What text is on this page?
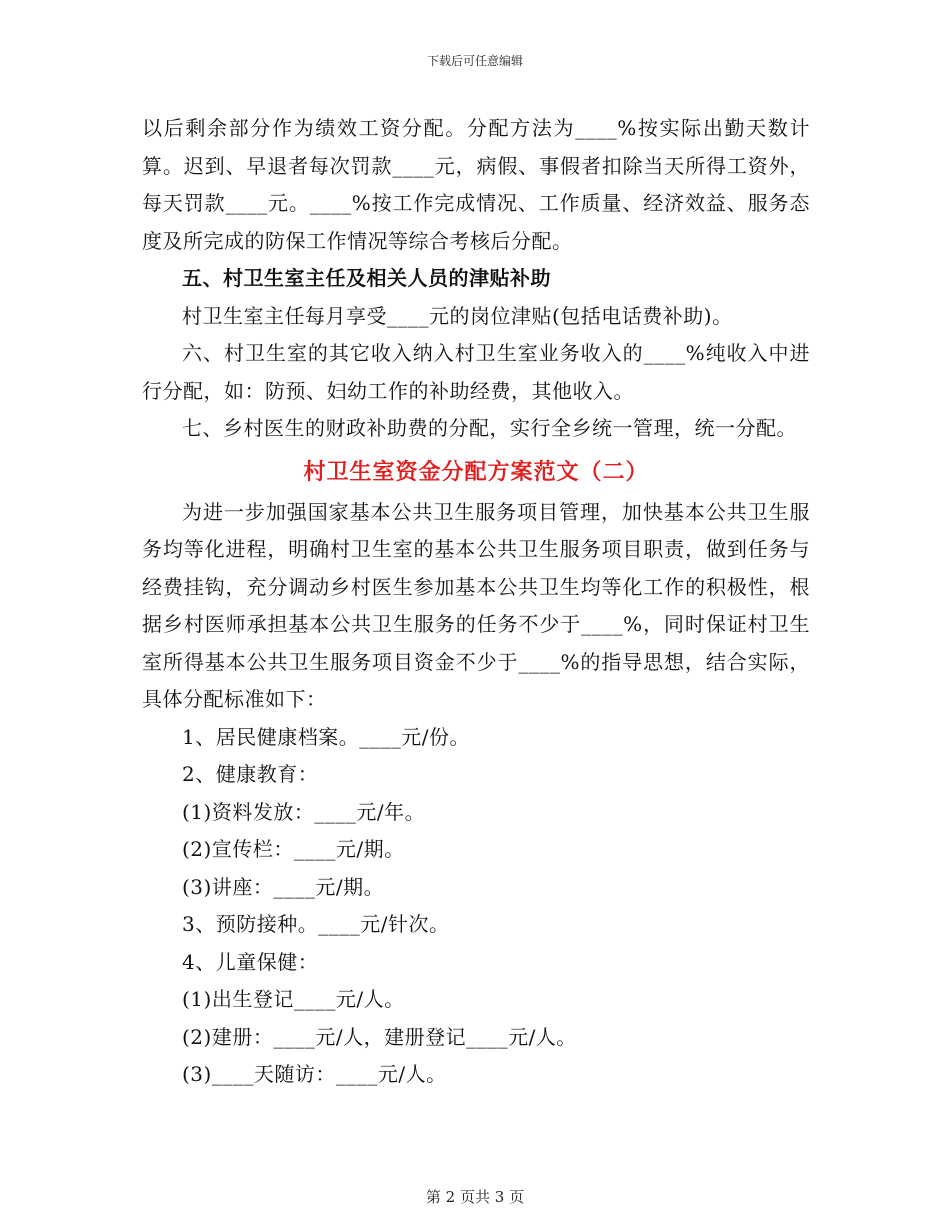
下载后可任意编辑

以后剩余部分作为绩效工资分配。分配方法为____%按实际出勤天数计算。迟到、早退者每次罚款____元，病假、事假者扣除当天所得工资外，每天罚款____元。____%按工作完成情况、工作质量、经济效益、服务态度及所完成的防保工作情况等综合考核后分配。

五、村卫生室主任及相关人员的津贴补助

村卫生室主任每月享受____元的岗位津贴(包括电话费补助)。

六、村卫生室的其它收入纳入村卫生室业务收入的____%纯收入中进行分配，如：防预、妇幼工作的补助经费，其他收入。

七、乡村医生的财政补助费的分配，实行全乡统一管理，统一分配。

村卫生室资金分配方案范文（二）

为进一步加强国家基本公共卫生服务项目管理，加快基本公共卫生服务均等化进程，明确村卫生室的基本公共卫生服务项目职责，做到任务与经费挂钩，充分调动乡村医生参加基本公共卫生均等化工作的积极性，根据乡村医师承担基本公共卫生服务的任务不少于____%，同时保证村卫生室所得基本公共卫生服务项目资金不少于____%的指导思想，结合实际，具体分配标准如下：

1、居民健康档案。____元/份。

2、健康教育：

(1)资料发放：____元/年。

(2)宣传栏：____元/期。

(3)讲座：____元/期。

3、预防接种。____元/针次。

4、儿童保健：

(1)出生登记____元/人。

(2)建册：____元/人，建册登记____元/人。

(3)____天随访：____元/人。

第 2 页共 3 页
